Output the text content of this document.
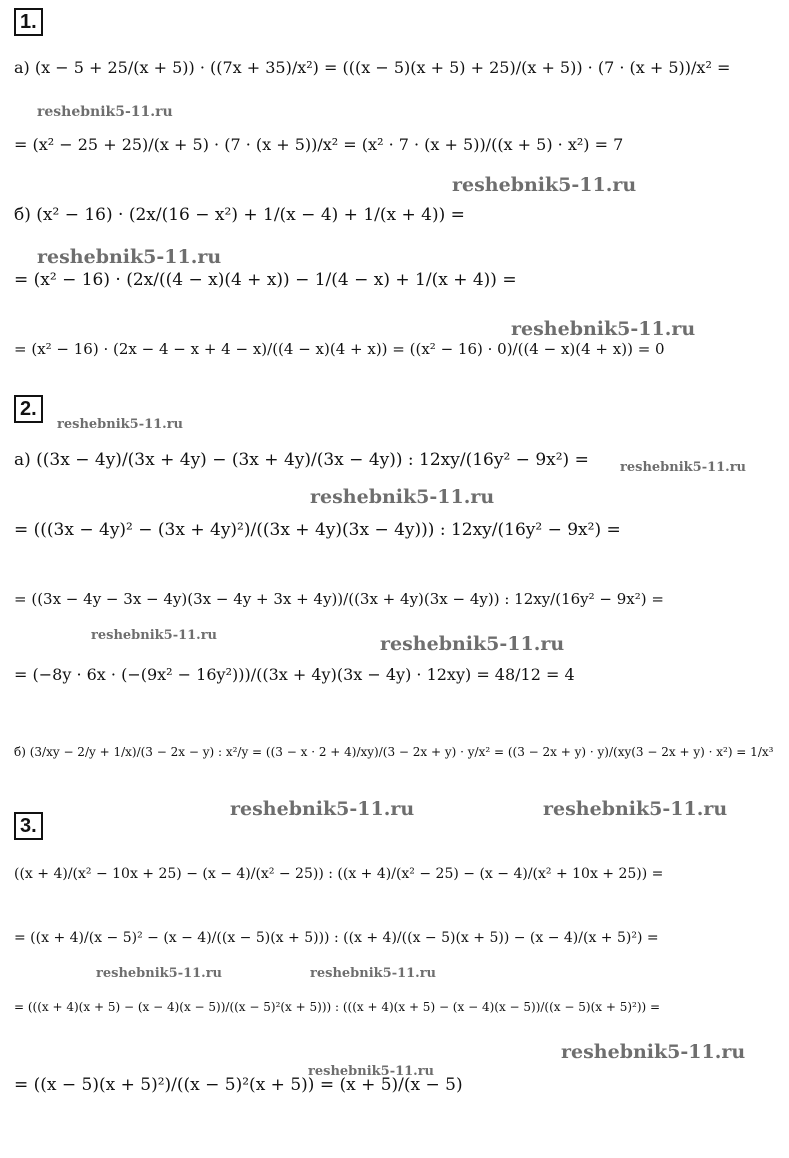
1.
2.
3.
а) (x − 5 + 25/(x + 5)) · ((7x + 35)/x²) = (((x − 5)(x + 5) + 25)/(x + 5)) · (7 · (x + 5))/x² =
= (x² − 25 + 25)/(x + 5) · (7 · (x + 5))/x² = (x² · 7 · (x + 5))/((x + 5) · x²) = 7
б) (x² − 16) · (2x/(16 − x²) + 1/(x − 4) + 1/(x + 4)) =
= (x² − 16) · (2x/((4 − x)(4 + x)) − 1/(4 − x) + 1/(x + 4)) =
= (x² − 16) · (2x − 4 − x + 4 − x)/((4 − x)(4 + x)) = ((x² − 16) · 0)/((4 − x)(4 + x)) = 0
а) ((3x − 4y)/(3x + 4y) − (3x + 4y)/(3x − 4y)) : 12xy/(16y² − 9x²) =
= (((3x − 4y)² − (3x + 4y)²)/((3x + 4y)(3x − 4y))) : 12xy/(16y² − 9x²) =
= ((3x − 4y − 3x − 4y)(3x − 4y + 3x + 4y))/((3x + 4y)(3x − 4y)) : 12xy/(16y² − 9x²) =
= (−8y · 6x · (−(9x² − 16y²)))/((3x + 4y)(3x − 4y) · 12xy) = 48/12 = 4
б) (3/xy − 2/y + 1/x)/(3 − 2x − y) : x²/y = ((3 − x · 2 + 4)/xy)/(3 − 2x + y) · y/x² = ((3 − 2x + y) · y)/(xy(3 − 2x + y) · x²) = 1/x³
((x + 4)/(x² − 10x + 25) − (x − 4)/(x² − 25)) : ((x + 4)/(x² − 25) − (x − 4)/(x² + 10x + 25)) =
= ((x + 4)/(x − 5)² − (x − 4)/((x − 5)(x + 5))) : ((x + 4)/((x − 5)(x + 5)) − (x − 4)/(x + 5)²) =
= (((x + 4)(x + 5) − (x − 4)(x − 5))/((x − 5)²(x + 5))) : (((x + 4)(x + 5) − (x − 4)(x − 5))/((x − 5)(x + 5)²)) =
= ((x − 5)(x + 5)²)/((x − 5)²(x + 5)) = (x + 5)/(x − 5)
reshebnik5-11.ru
reshebnik5-11.ru
reshebnik5-11.ru
reshebnik5-11.ru
reshebnik5-11.ru
reshebnik5-11.ru
reshebnik5-11.ru
reshebnik5-11.ru	reshebnik5-11.ru
reshebnik5-11.ru	reshebnik5-11.ru
reshebnik5-11.ru	reshebnik5-11.ru
reshebnik5-11.ru
reshebnik5-11.ru
